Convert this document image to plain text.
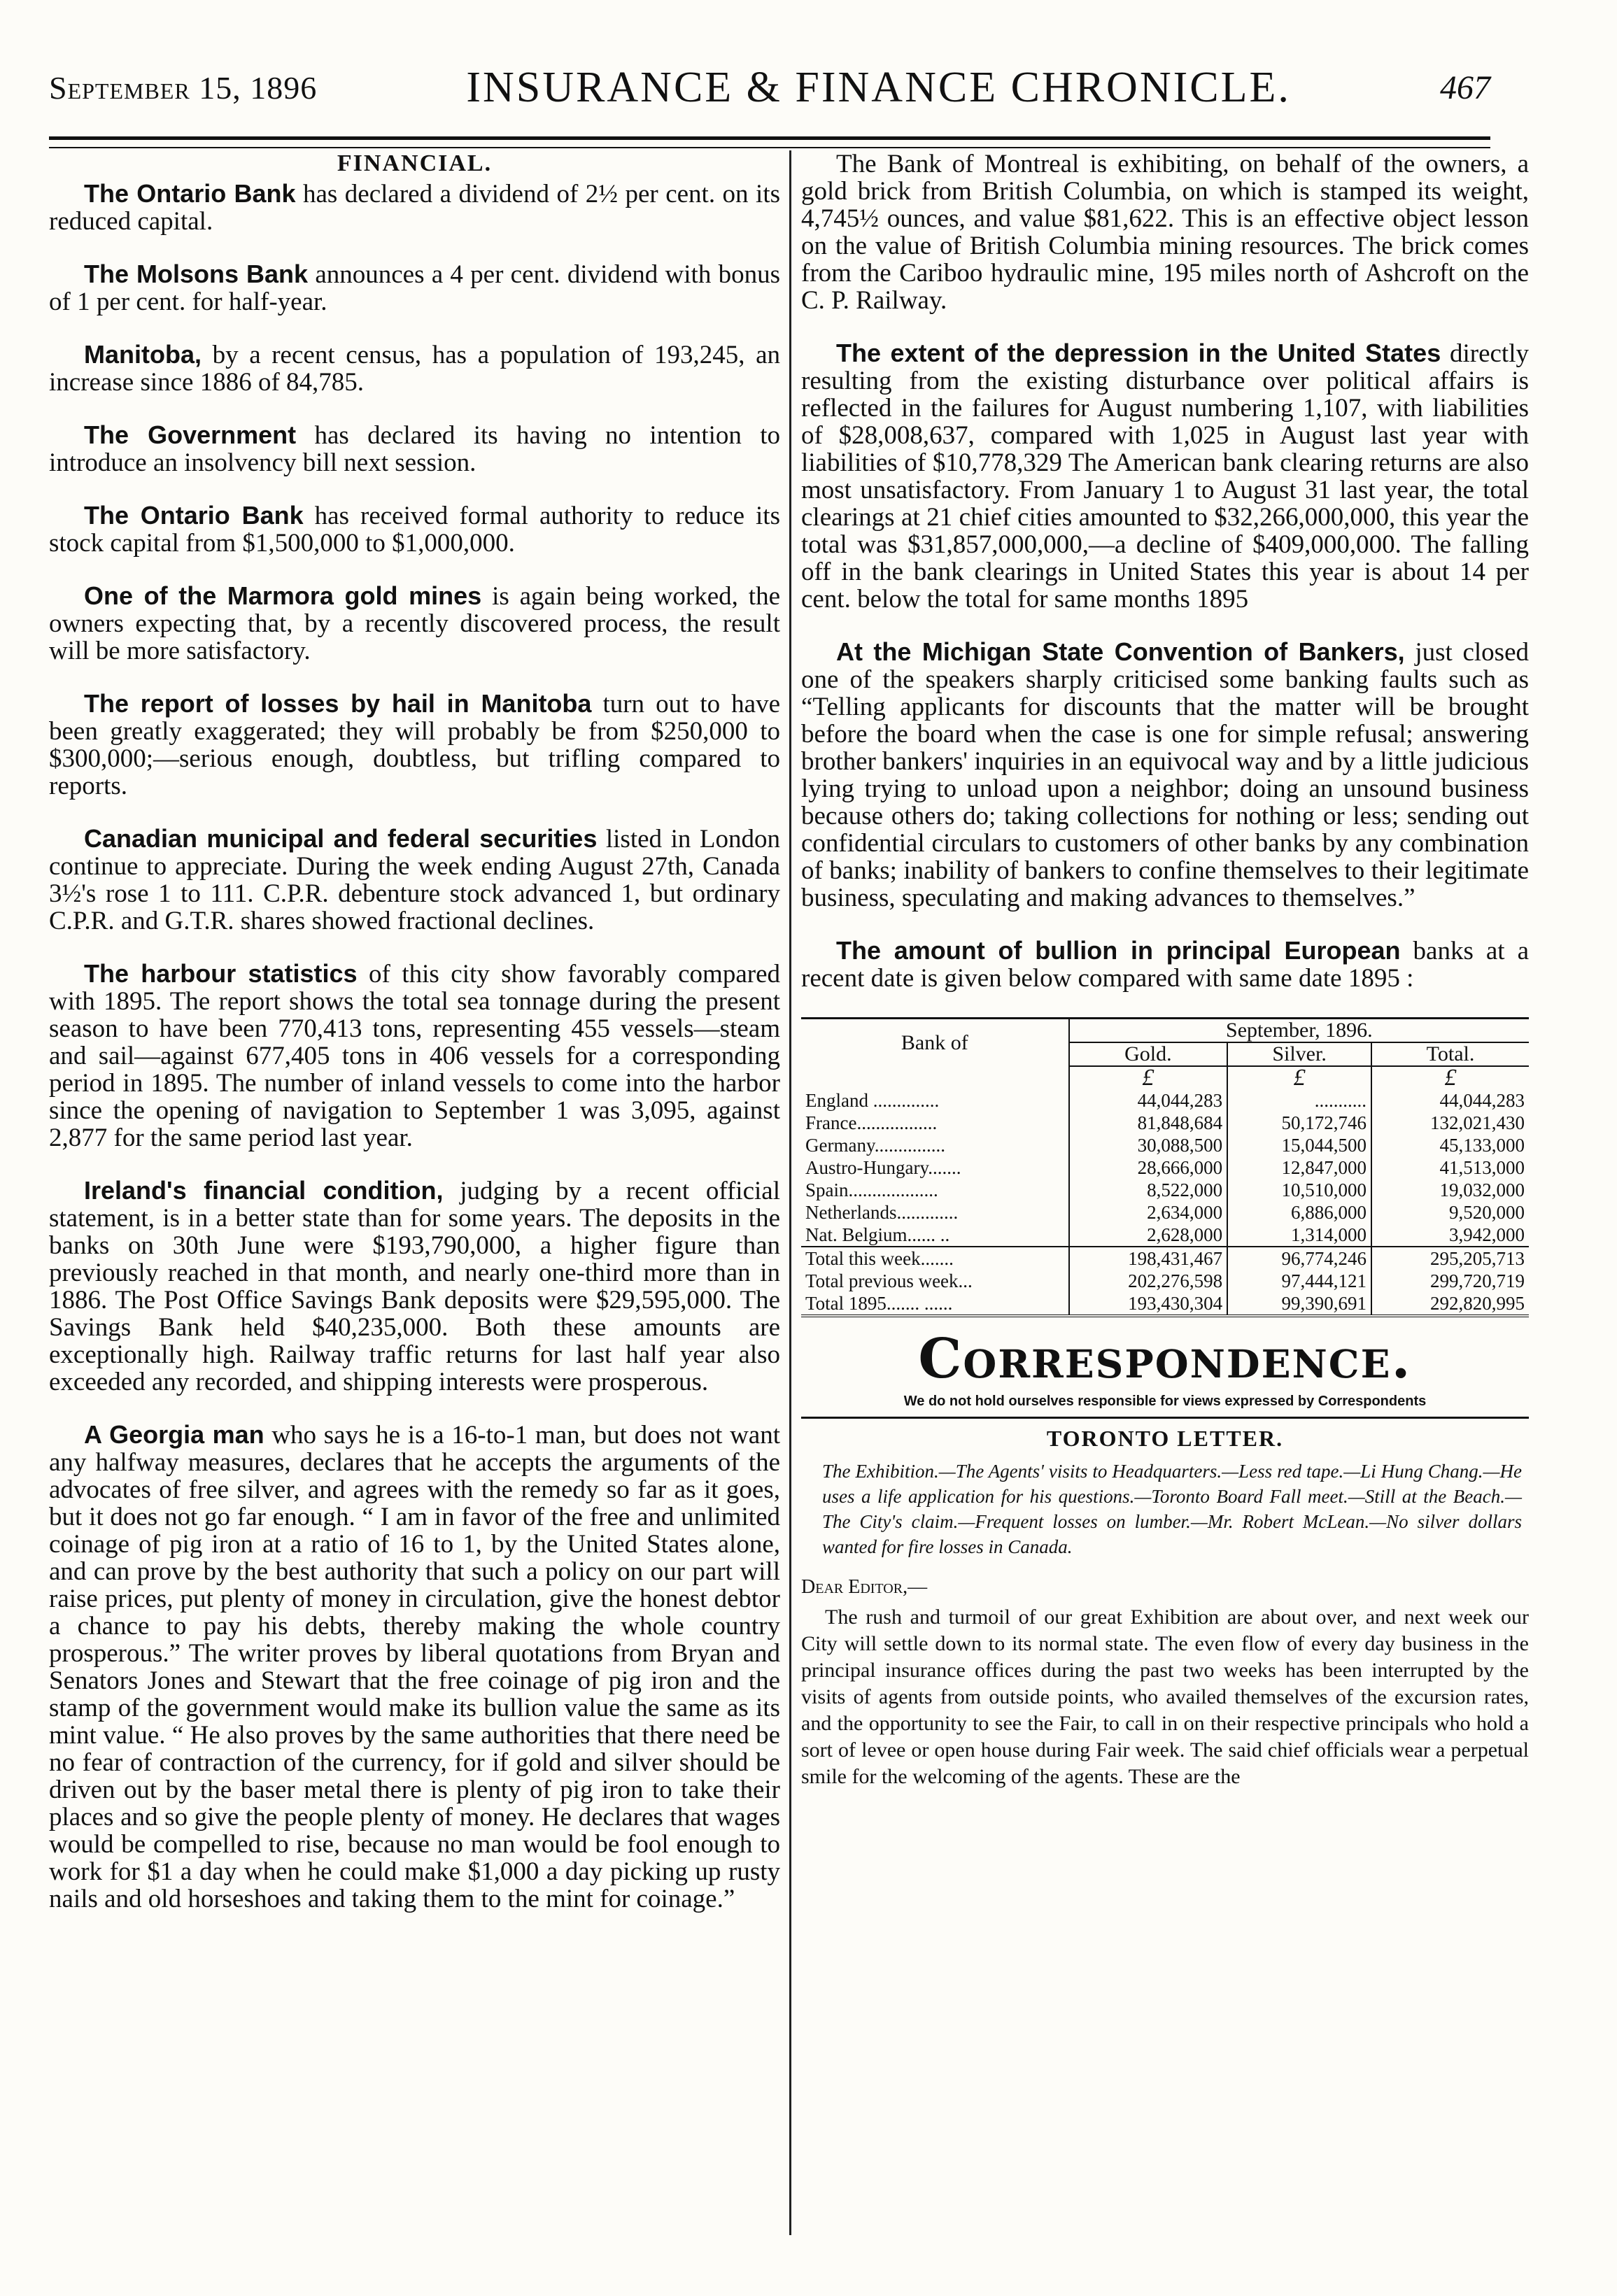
September 15, 1896	INSURANCE & FINANCE CHRONICLE.	467
FINANCIAL.

The Ontario Bank has declared a dividend of 2½ per cent. on its reduced capital.

The Molsons Bank announces a 4 per cent. dividend with bonus of 1 per cent. for half-year.

Manitoba, by a recent census, has a population of 193,245, an increase since 1886 of 84,785.

The Government has declared its having no intention to introduce an insolvency bill next session.

The Ontario Bank has received formal authority to reduce its stock capital from $1,500,000 to $1,000,000.

One of the Marmora gold mines is again being worked, the owners expecting that, by a recently discovered process, the result will be more satisfactory.

The report of losses by hail in Manitoba turn out to have been greatly exaggerated; they will probably be from $250,000 to $300,000;—serious enough, doubtless, but trifling compared to reports.

Canadian municipal and federal securities listed in London continue to appreciate. During the week ending August 27th, Canada 3½'s rose 1 to 111. C.P.R. debenture stock advanced 1, but ordinary C.P.R. and G.T.R. shares showed fractional declines.

The harbour statistics of this city show favorably compared with 1895. The report shows the total sea tonnage during the present season to have been 770,413 tons, representing 455 vessels—steam and sail—against 677,405 tons in 406 vessels for a corresponding period in 1895. The number of inland vessels to come into the harbor since the opening of navigation to September 1 was 3,095, against 2,877 for the same period last year.

Ireland's financial condition, judging by a recent official statement, is in a better state than for some years. The deposits in the banks on 30th June were $193,790,000, a higher figure than previously reached in that month, and nearly one-third more than in 1886. The Post Office Savings Bank deposits were $29,595,000. The Savings Bank held $40,235,000. Both these amounts are exceptionally high. Railway traffic returns for last half year also exceeded any recorded, and shipping interests were prosperous.

A Georgia man who says he is a 16-to-1 man, but does not want any halfway measures, declares that he accepts the arguments of the advocates of free silver, and agrees with the remedy so far as it goes, but it does not go far enough. “ I am in favor of the free and unlimited coinage of pig iron at a ratio of 16 to 1, by the United States alone, and can prove by the best authority that such a policy on our part will raise prices, put plenty of money in circulation, give the honest debtor a chance to pay his debts, thereby making the whole country prosperous.” The writer proves by liberal quotations from Bryan and Senators Jones and Stewart that the free coinage of pig iron and the stamp of the government would make its bullion value the same as its mint value. “ He also proves by the same authorities that there need be no fear of contraction of the currency, for if gold and silver should be driven out by the baser metal there is plenty of pig iron to take their places and so give the people plenty of money. He declares that wages would be compelled to rise, because no man would be fool enough to work for $1 a day when he could make $1,000 a day picking up rusty nails and old horseshoes and taking them to the mint for coinage.”

The Bank of Montreal is exhibiting, on behalf of the owners, a gold brick from British Columbia, on which is stamped its weight, 4,745½ ounces, and value $81,622. This is an effective object lesson on the value of British Columbia mining resources. The brick comes from the Cariboo hydraulic mine, 195 miles north of Ashcroft on the C. P. Railway.

The extent of the depression in the United States directly resulting from the existing disturbance over political affairs is reflected in the failures for August numbering 1,107, with liabilities of $28,008,637, compared with 1,025 in August last year with liabilities of $10,778,329 The American bank clearing returns are also most unsatisfactory. From January 1 to August 31 last year, the total clearings at 21 chief cities amounted to $32,266,000,000, this year the total was $31,857,000,000,—a decline of $409,000,000. The falling off in the bank clearings in United States this year is about 14 per cent. below the total for same months 1895

At the Michigan State Convention of Bankers, just closed one of the speakers sharply criticised some banking faults such as “Telling applicants for discounts that the matter will be brought before the board when the case is one for simple refusal; answering brother bankers' inquiries in an equivocal way and by a little judicious lying trying to unload upon a neighbor; doing an unsound business because others do; taking collections for nothing or less; sending out confidential circulars to customers of other banks by any combination of banks; inability of bankers to confine themselves to their legitimate business, speculating and making advances to themselves.”

The amount of bullion in principal European banks at a recent date is given below compared with same date 1895 :

Bank of	September, 1896.		
	Gold.	Silver.	Total.
	£	£	£
England ..............	44,044,283	...........	44,044,283
France.................	81,848,684	50,172,746	132,021,430
Germany...............	30,088,500	15,044,500	45,133,000
Austro-Hungary.......	28,666,000	12,847,000	41,513,000
Spain...................	8,522,000	10,510,000	19,032,000
Netherlands.............	2,634,000	6,886,000	9,520,000
Nat. Belgium...... ..	2,628,000	1,314,000	3,942,000
Total this week.......	198,431,467	96,774,246	295,205,713
Total previous week...	202,276,598	97,444,121	299,720,719
Total 1895....... ......	193,430,304	99,390,691	292,820,995
Correspondence.
We do not hold ourselves responsible for views expressed by Correspondents
TORONTO LETTER.
The Exhibition.—The Agents' visits to Headquarters.—Less red tape.—Li Hung Chang.—He uses a life application for his questions.—Toronto Board Fall meet.—Still at the Beach.—The City's claim.—Frequent losses on lumber.—Mr. Robert McLean.—No silver dollars wanted for fire losses in Canada.
Dear Editor,—

The rush and turmoil of our great Exhibition are about over, and next week our City will settle down to its normal state. The even flow of every day business in the principal insurance offices during the past two weeks has been interrupted by the visits of agents from outside points, who availed themselves of the excursion rates, and the opportunity to see the Fair, to call in on their respective principals who hold a sort of levee or open house during Fair week. The said chief officials wear a perpetual smile for the welcoming of the agents. These are the
